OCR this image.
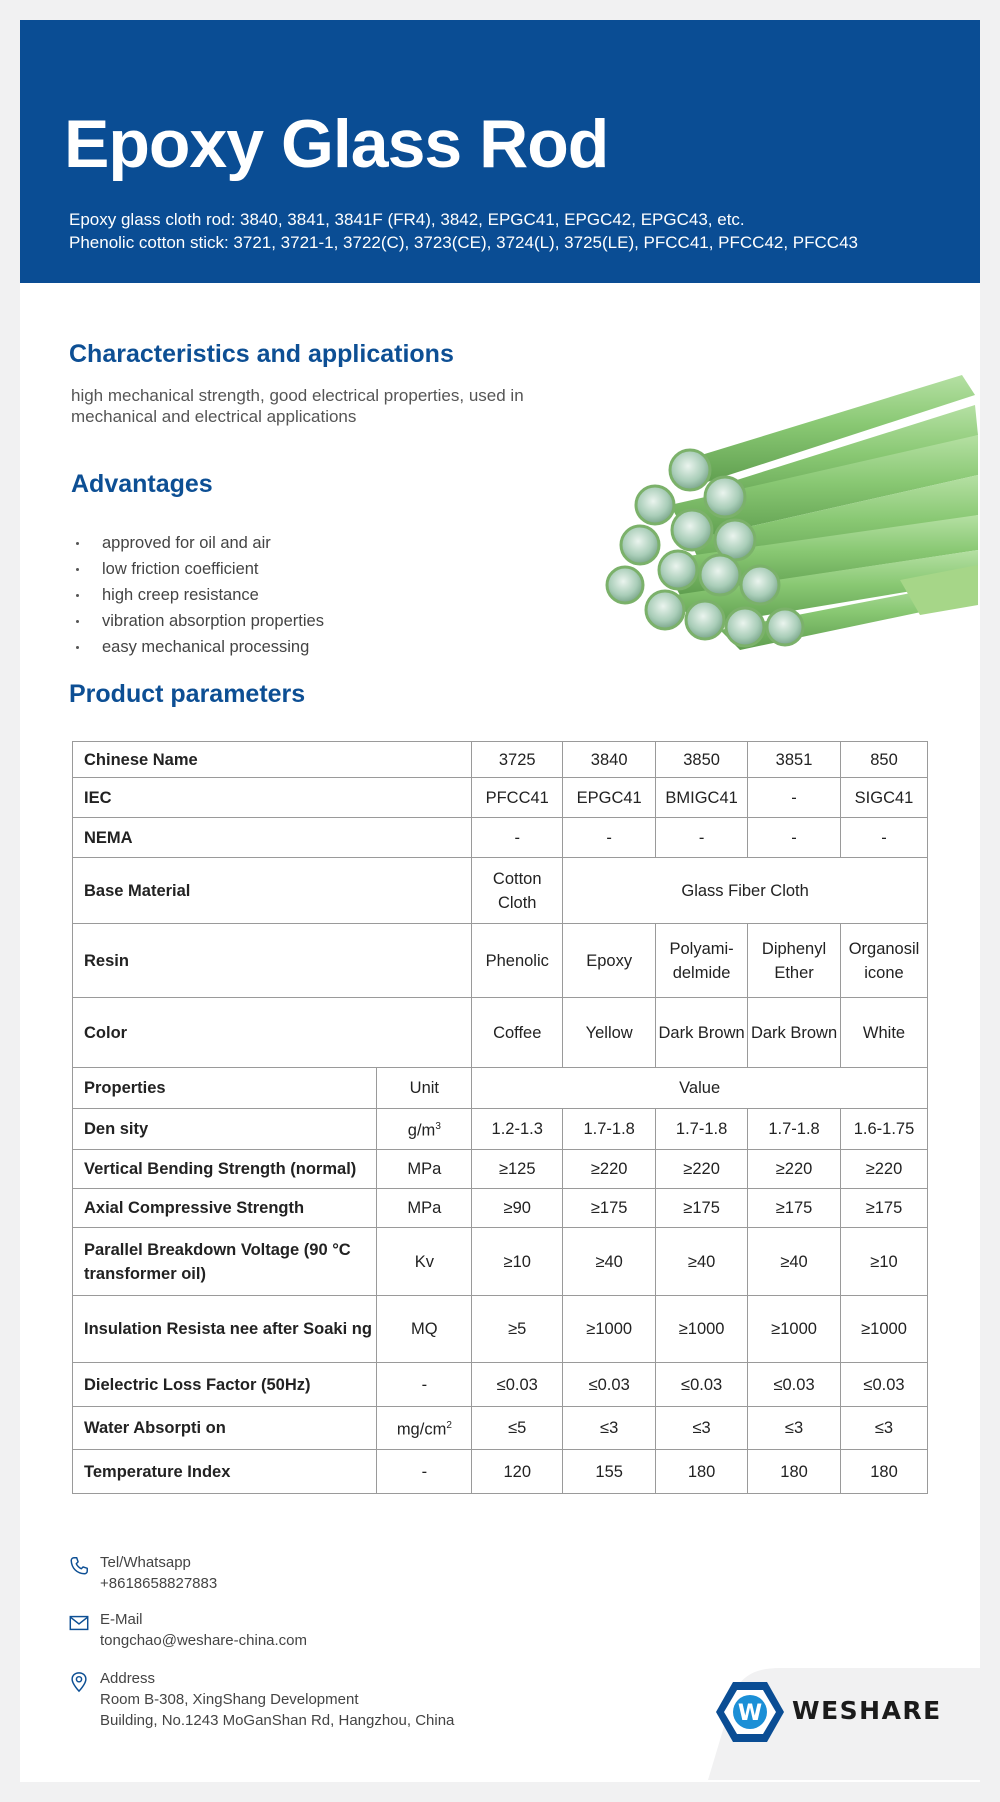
Epoxy Glass Rod
Epoxy glass cloth rod: 3840, 3841, 3841F (FR4), 3842, EPGC41, EPGC42, EPGC43, etc.
Phenolic cotton stick: 3721, 3721-1, 3722(C), 3723(CE), 3724(L), 3725(LE), PFCC41, PFCC42, PFCC43
Characteristics and applications
high mechanical strength, good electrical properties, used in mechanical and electrical applications
Advantages
approved for oil and air
low friction coefficient
high creep resistance
vibration absorption properties
easy mechanical processing
Product parameters
Chinese Name		3725	3840	3850	3851	850
IEC		PFCC41	EPGC41	BMIGC41	-	SIGC41
NEMA		-	-	-	-	-
Base Material		Cotton Cloth	Glass Fiber Cloth			
Resin		Phenolic	Epoxy	Polyami-delmide	Diphenyl Ether	Organosil icone
Color		Coffee	Yellow	Dark Brown	Dark Brown	White
Properties	Unit	Value				
Den sity	$g/m^3$	1.2-1.3	1.7-1.8	1.7-1.8	1.7-1.8	1.6-1.75
Vertical Bending Strength (normal)	MPa	≥125	≥220	≥220	≥220	≥220
Axial Compressive Strength	MPa	≥90	≥175	≥175	≥175	≥175
Parallel Breakdown Voltage (90 °C transformer oil)	Kv	≥10	≥40	≥40	≥40	≥10
Insulation Resista nee after Soaki ng	MQ	≥5	≥1000	≥1000	≥1000	≥1000
Dielectric Loss Factor (50Hz)	-	≤0.03	≤0.03	≤0.03	≤0.03	≤0.03
Water Absorpti on	$mg/cm^2$	≤5	≤3	≤3	≤3	≤3
Temperature Index	-	120	155	180	180	180
Tel/Whatsapp
+8618658827883
E-Mail
tongchao@weshare-china.com
Address
Room B-308, XingShang Development
Building, No.1243 MoGanShan Rd, Hangzhou, China	W WESHARE
